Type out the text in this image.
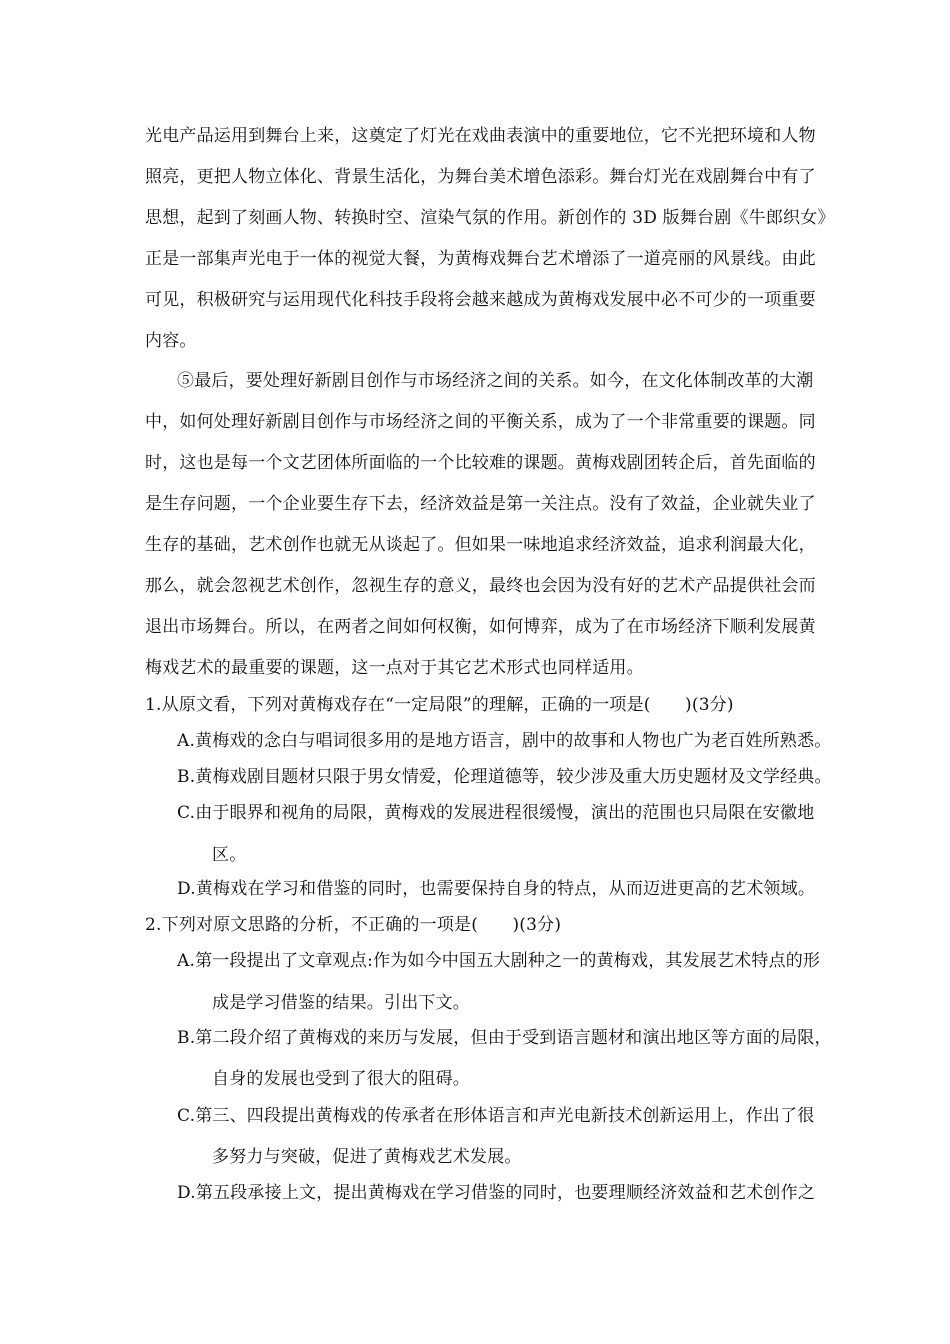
光电产品运用到舞台上来，这奠定了灯光在戏曲表演中的重要地位，它不光把环境和人物
照亮，更把人物立体化、背景生活化，为舞台美术增色添彩。舞台灯光在戏剧舞台中有了
思想，起到了刻画人物、转换时空、渲染气氛的作用。新创作的 3D 版舞台剧《牛郎织女》
正是一部集声光电于一体的视觉大餐，为黄梅戏舞台艺术增添了一道亮丽的风景线。由此
可见，积极研究与运用现代化科技手段将会越来越成为黄梅戏发展中必不可少的一项重要
内容。
⑤最后，要处理好新剧目创作与市场经济之间的关系。如今，在文化体制改革的大潮
中，如何处理好新剧目创作与市场经济之间的平衡关系，成为了一个非常重要的课题。同
时，这也是每一个文艺团体所面临的一个比较难的课题。黄梅戏剧团转企后，首先面临的
是生存问题，一个企业要生存下去，经济效益是第一关注点。没有了效益，企业就失业了
生存的基础，艺术创作也就无从谈起了。但如果一味地追求经济效益，追求利润最大化，
那么，就会忽视艺术创作，忽视生存的意义，最终也会因为没有好的艺术产品提供社会而
退出市场舞台。所以，在两者之间如何权衡，如何博弈，成为了在市场经济下顺利发展黄
梅戏艺术的最重要的课题，这一点对于其它艺术形式也同样适用。
1.从原文看，下列对黄梅戏存在“一定局限”的理解，正确的一项是(　　)(3分)
A.黄梅戏的念白与唱词很多用的是地方语言，剧中的故事和人物也广为老百姓所熟悉。
B.黄梅戏剧目题材只限于男女情爱，伦理道德等，较少涉及重大历史题材及文学经典。
C.由于眼界和视角的局限，黄梅戏的发展进程很缓慢，演出的范围也只局限在安徽地
区。
D.黄梅戏在学习和借鉴的同时，也需要保持自身的特点，从而迈进更高的艺术领域。
2.下列对原文思路的分析，不正确的一项是(　　)(3分)
A.第一段提出了文章观点:作为如今中国五大剧种之一的黄梅戏，其发展艺术特点的形
成是学习借鉴的结果。引出下文。
B.第二段介绍了黄梅戏的来历与发展，但由于受到语言题材和演出地区等方面的局限，
自身的发展也受到了很大的阻碍。
C.第三、四段提出黄梅戏的传承者在形体语言和声光电新技术创新运用上，作出了很
多努力与突破，促进了黄梅戏艺术发展。
D.第五段承接上文，提出黄梅戏在学习借鉴的同时，也要理顺经济效益和艺术创作之
